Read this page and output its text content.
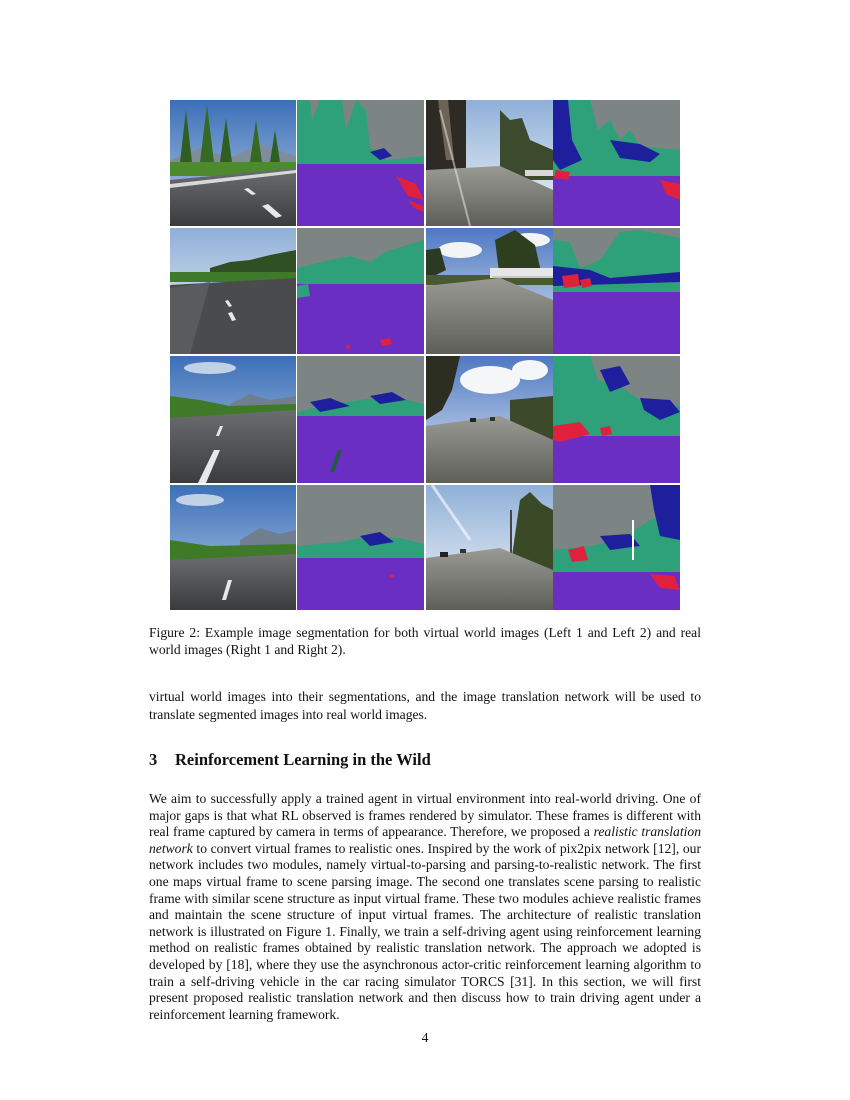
Figure 2: Example image segmentation for both virtual world images (Left 1 and Left 2) and real world images (Right 1 and Right 2).

virtual world images into their segmentations, and the image translation network will be used to translate segmented images into real world images.

3 Reinforcement Learning in the Wild

We aim to successfully apply a trained agent in virtual environment into real-world driving. One of major gaps is that what RL observed is frames rendered by simulator. These frames is different with real frame captured by camera in terms of appearance. Therefore, we proposed a realistic translation network to convert virtual frames to realistic ones. Inspired by the work of pix2pix network [12], our network includes two modules, namely virtual-to-parsing and parsing-to-realistic network. The first one maps virtual frame to scene parsing image. The second one translates scene parsing to realistic frame with similar scene structure as input virtual frame. These two modules achieve realistic frames and maintain the scene structure of input virtual frames. The architecture of realistic translation network is illustrated on Figure 1. Finally, we train a self-driving agent using reinforcement learning method on realistic frames obtained by realistic translation network. The approach we adopted is developed by [18], where they use the asynchronous actor-critic reinforcement learning algorithm to train a self-driving vehicle in the car racing simulator TORCS [31]. In this section, we will first present proposed realistic translation network and then discuss how to train driving agent under a reinforcement learning framework.

4
